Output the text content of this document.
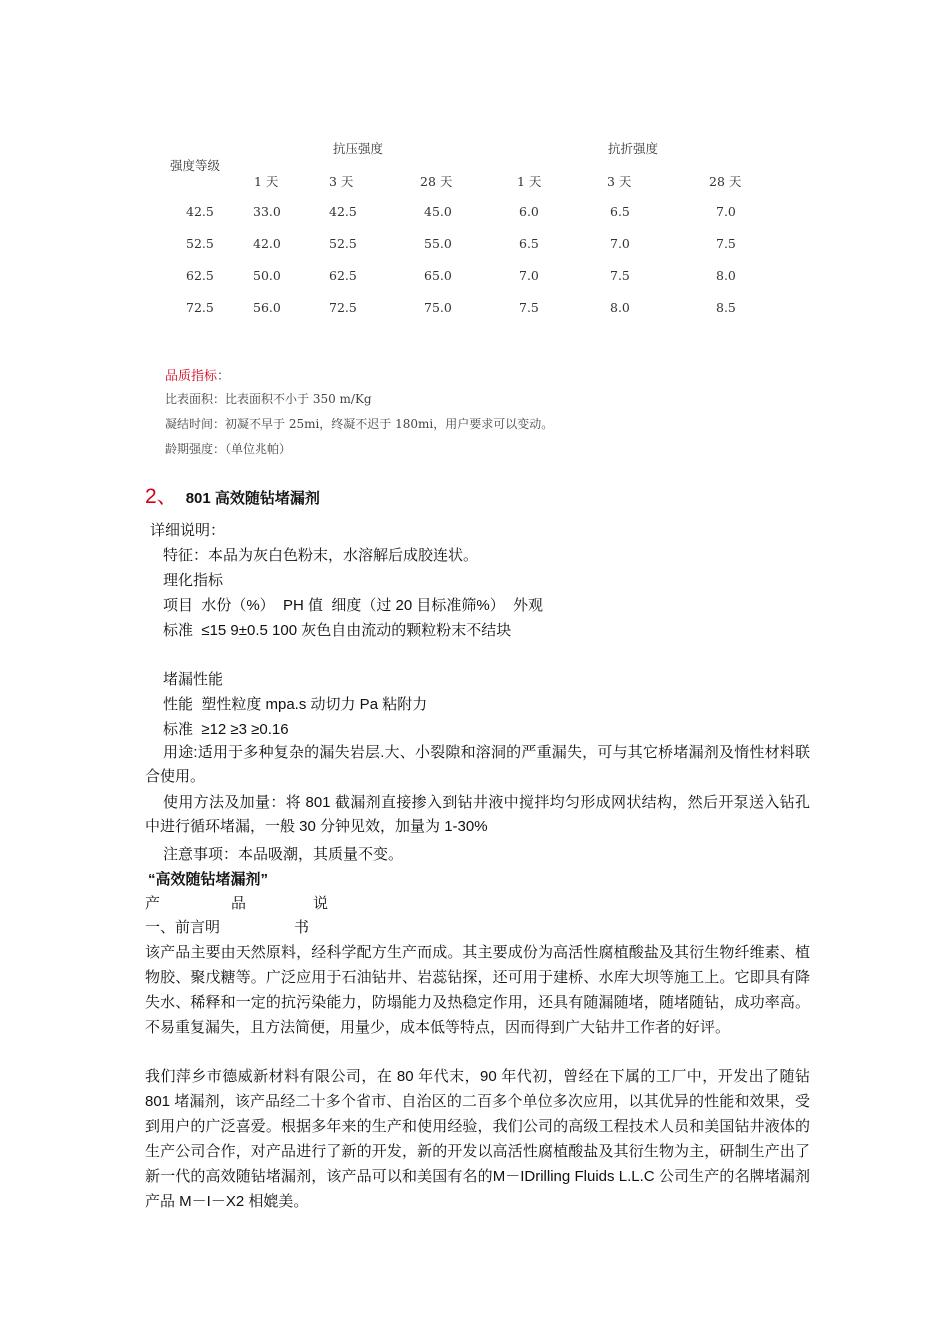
强度等级
抗压强度	抗折强度
1 天	3 天	28 天	1 天	3 天	28 天
42.5	33.0	42.5	45.0	6.0	6.5	7.0
52.5	42.0	52.5	55.0	6.5	7.0	7.5
62.5	50.0	62.5	65.0	7.0	7.5	8.0
72.5	56.0	72.5	75.0	7.5	8.0	8.5
品质指标：
比表面积：比表面积不小于 350 m/Kg
凝结时间：初凝不早于 25mi，终凝不迟于 180mi，用户要求可以变动。
龄期强度：（单位兆帕）
2、 801 高效随钻堵漏剂
详细说明：
特征：本品为灰白色粉末，水溶解后成胶连状。
理化指标
项目  水份（%）  PH 值  细度（过 20 目标准筛%）  外观
标准  ≤15 9±0.5 100 灰色自由流动的颗粒粉末不结块
堵漏性能
性能  塑性粒度 mpa.s 动切力 Pa 粘附力
标准  ≥12 ≥3 ≥0.16
用途:适用于多种复杂的漏失岩层.大、小裂隙和溶洞的严重漏失，可与其它桥堵漏剂及惰性材料联合使用。
使用方法及加量：将 801 截漏剂直接掺入到钻井液中搅拌均匀形成网状结构，然后开泵送入钻孔中进行循环堵漏，一般 30 分钟见效，加量为 1-30%
注意事项：本品吸潮，其质量不变。
“高效随钻堵漏剂”
产	品	说
一、前言明	书
该产品主要由天然原料，经科学配方生产而成。其主要成份为高活性腐植酸盐及其衍生物纤维素、植物胶、聚戊糖等。广泛应用于石油钻井、岩蕊钻探，还可用于建桥、水库大坝等施工上。它即具有降失水、稀释和一定的抗污染能力，防塌能力及热稳定作用，还具有随漏随堵，随堵随钻，成功率高。不易重复漏失，且方法简便，用量少，成本低等特点，因而得到广大钻井工作者的好评。
我们萍乡市德威新材料有限公司，在 80 年代末，90 年代初，曾经在下属的工厂中，开发出了随钻 801 堵漏剂，该产品经二十多个省市、自治区的二百多个单位多次应用，以其优异的性能和效果，受到用户的广泛喜爱。根据多年来的生产和使用经验，我们公司的高级工程技术人员和美国钻井液体的生产公司合作，对产品进行了新的开发，新的开发以高活性腐植酸盐及其衍生物为主，研制生产出了新一代的高效随钻堵漏剂，该产品可以和美国有名的M－IDrilling Fluids L.L.C 公司生产的名牌堵漏剂产品 M－I－X2 相媲美。
